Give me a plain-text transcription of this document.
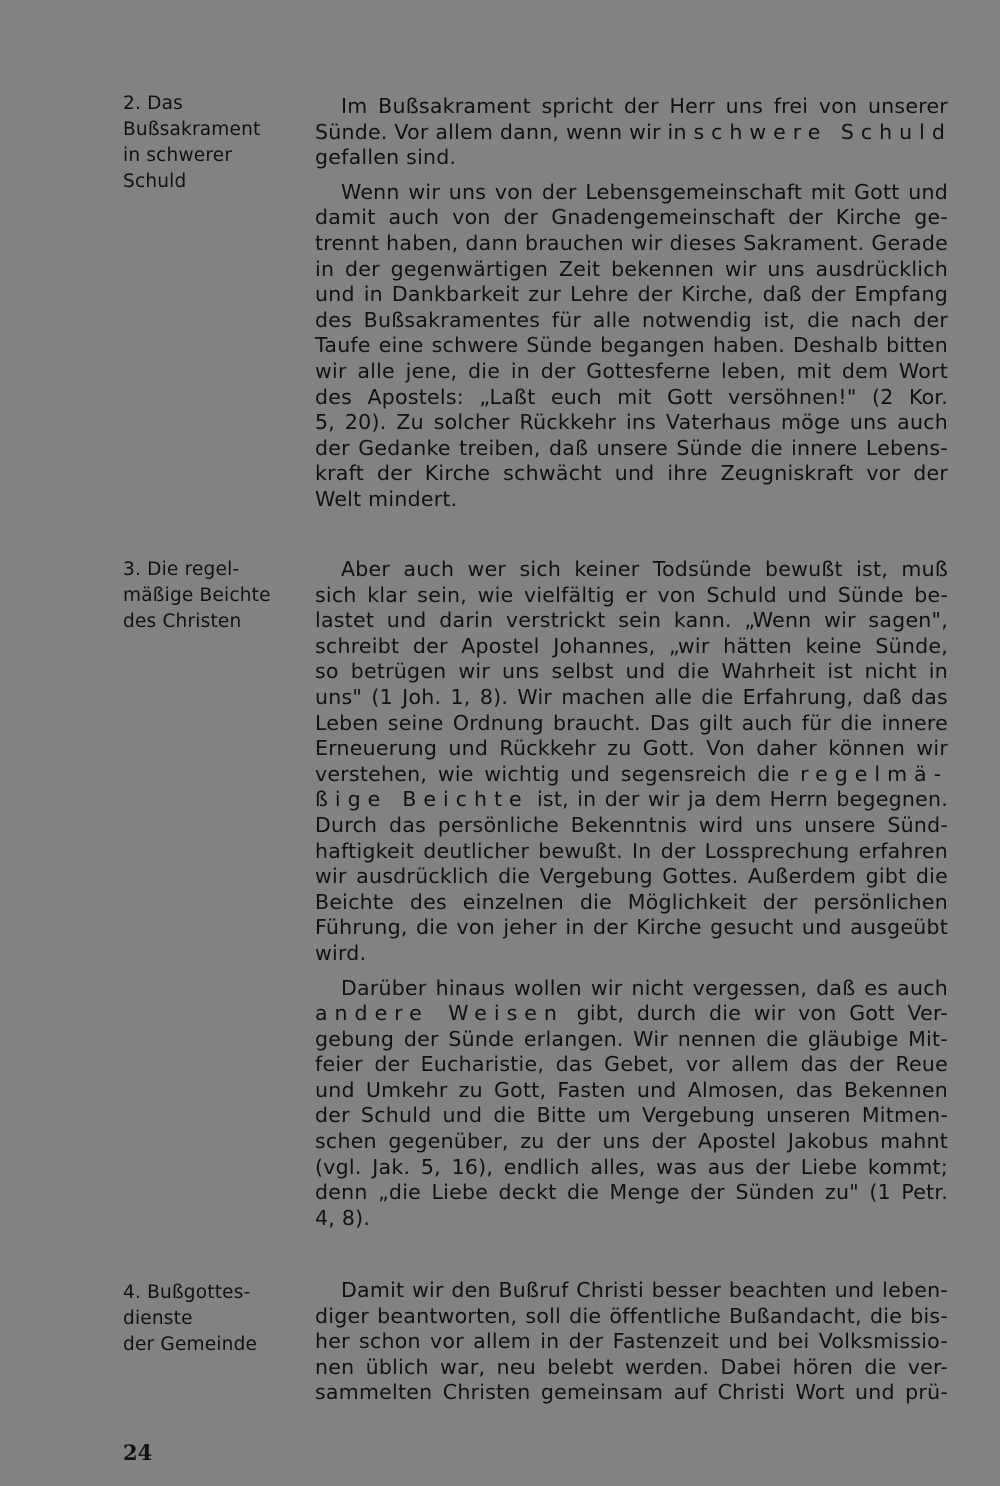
2. Das
Bußsakrament
in schwerer
Schuld
Im Bußsakrament spricht der Herr uns frei von unserer
Sünde. Vor allem dann, wenn wir in schwere Schuld
gefallen sind.
Wenn wir uns von der Lebensgemeinschaft mit Gott und
damit auch von der Gnadengemeinschaft der Kirche ge-
trennt haben, dann brauchen wir dieses Sakrament. Gerade
in der gegenwärtigen Zeit bekennen wir uns ausdrücklich
und in Dankbarkeit zur Lehre der Kirche, daß der Empfang
des Bußsakramentes für alle notwendig ist, die nach der
Taufe eine schwere Sünde begangen haben. Deshalb bitten
wir alle jene, die in der Gottesferne leben, mit dem Wort
des Apostels: „Laßt euch mit Gott versöhnen!" (2 Kor.
5, 20). Zu solcher Rückkehr ins Vaterhaus möge uns auch
der Gedanke treiben, daß unsere Sünde die innere Lebens-
kraft der Kirche schwächt und ihre Zeugniskraft vor der
Welt mindert.
3. Die regel-
mäßige Beichte
des Christen
Aber auch wer sich keiner Todsünde bewußt ist, muß
sich klar sein, wie vielfältig er von Schuld und Sünde be-
lastet und darin verstrickt sein kann. „Wenn wir sagen",
schreibt der Apostel Johannes, „wir hätten keine Sünde,
so betrügen wir uns selbst und die Wahrheit ist nicht in
uns" (1 Joh. 1, 8). Wir machen alle die Erfahrung, daß das
Leben seine Ordnung braucht. Das gilt auch für die innere
Erneuerung und Rückkehr zu Gott. Von daher können wir
verstehen, wie wichtig und segensreich die regelmä-
ßige Beichte ist, in der wir ja dem Herrn begegnen.
Durch das persönliche Bekenntnis wird uns unsere Sünd-
haftigkeit deutlicher bewußt. In der Lossprechung erfahren
wir ausdrücklich die Vergebung Gottes. Außerdem gibt die
Beichte des einzelnen die Möglichkeit der persönlichen
Führung, die von jeher in der Kirche gesucht und ausgeübt
wird.
Darüber hinaus wollen wir nicht vergessen, daß es auch
andere Weisen gibt, durch die wir von Gott Ver-
gebung der Sünde erlangen. Wir nennen die gläubige Mit-
feier der Eucharistie, das Gebet, vor allem das der Reue
und Umkehr zu Gott, Fasten und Almosen, das Bekennen
der Schuld und die Bitte um Vergebung unseren Mitmen-
schen gegenüber, zu der uns der Apostel Jakobus mahnt
(vgl. Jak. 5, 16), endlich alles, was aus der Liebe kommt;
denn „die Liebe deckt die Menge der Sünden zu" (1 Petr.
4, 8).
4. Bußgottes-
dienste
der Gemeinde
Damit wir den Bußruf Christi besser beachten und leben-
diger beantworten, soll die öffentliche Bußandacht, die bis-
her schon vor allem in der Fastenzeit und bei Volksmissio-
nen üblich war, neu belebt werden. Dabei hören die ver-
sammelten Christen gemeinsam auf Christi Wort und prü-
24
